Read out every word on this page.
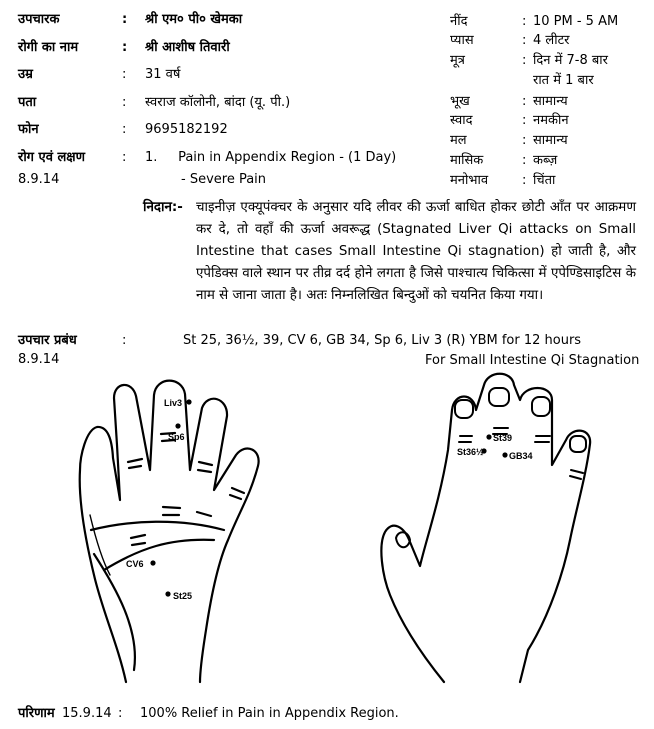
उपचारक	: श्री एम० पी० खेमका
रोगी का नाम	: श्री आशीष तिवारी
उम्र	: 31 वर्ष
पता	: स्वराज कॉलोनी, बांदा (यू. पी.)
फोन	: 9695182192
रोग एवं लक्षण	: 1.     Pain in Appendix Region - (1 Day)
8.9.14	- Severe Pain
नींद	: 10 PM - 5 AM
प्यास	: 4 लीटर
मूत्र	: दिन में 7-8 बार
रात में 1 बार
भूख	: सामान्य
स्वाद	: नमकीन
मल	: सामान्य
मासिक	: कब्ज़
मनोभाव	: चिंता
निदान:- चाइनीज़ एक्यूपंक्चर के अनुसार यदि लीवर की ऊर्जा बाधित होकर छोटी आँत पर आक्रमण कर दे, तो वहाँ की ऊर्जा अवरूद्ध (Stagnated Liver Qi attacks on Small Intestine that cases Small Intestine Qi stagnation) हो जाती है, और एपेडिक्स वाले स्थान पर तीव्र दर्द होने लगता है जिसे पाश्चात्य चिकित्सा में एपेण्डिसाइटिस के नाम से जाना जाता है। अतः निम्नलिखित बिन्दुओं को चयनित किया गया।
उपचार प्रबंध	:	St 25, 36½, 39, CV 6, GB 34, Sp 6, Liv 3 (R) YBM for 12 hours
8.9.14	For Small Intestine Qi Stagnation
Liv3
Sp6
CV6
St25
St39
St36½	GB34
परिणाम 15.9.14 : 100% Relief in Pain in Appendix Region.
